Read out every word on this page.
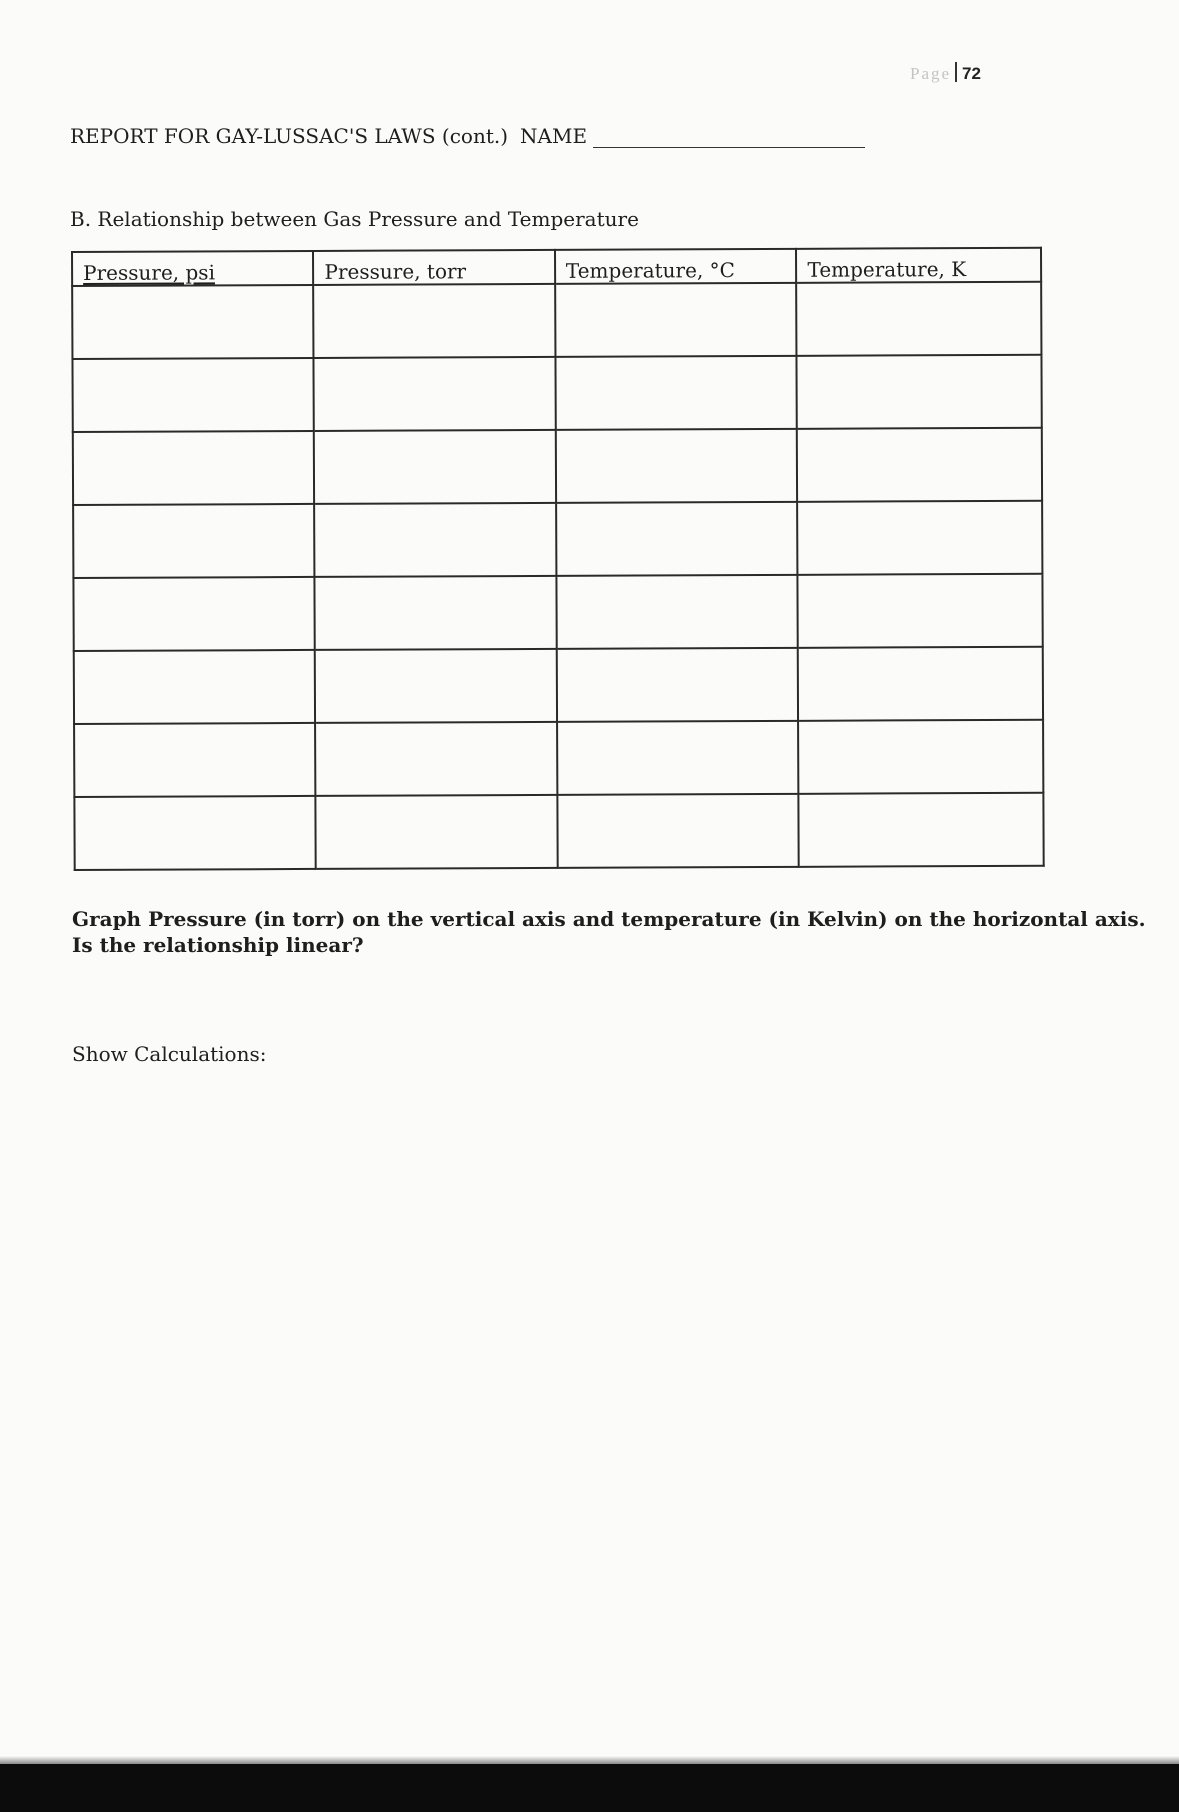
Page 72
REPORT FOR GAY-LUSSAC'S LAWS (cont.) NAME
B. Relationship between Gas Pressure and Temperature
Pressure, psi	Pressure, torr	Temperature, °C	Temperature, K

Graph Pressure (in torr) on the vertical axis and temperature (in Kelvin) on the horizontal axis.
Is the relationship linear?
Show Calculations:
